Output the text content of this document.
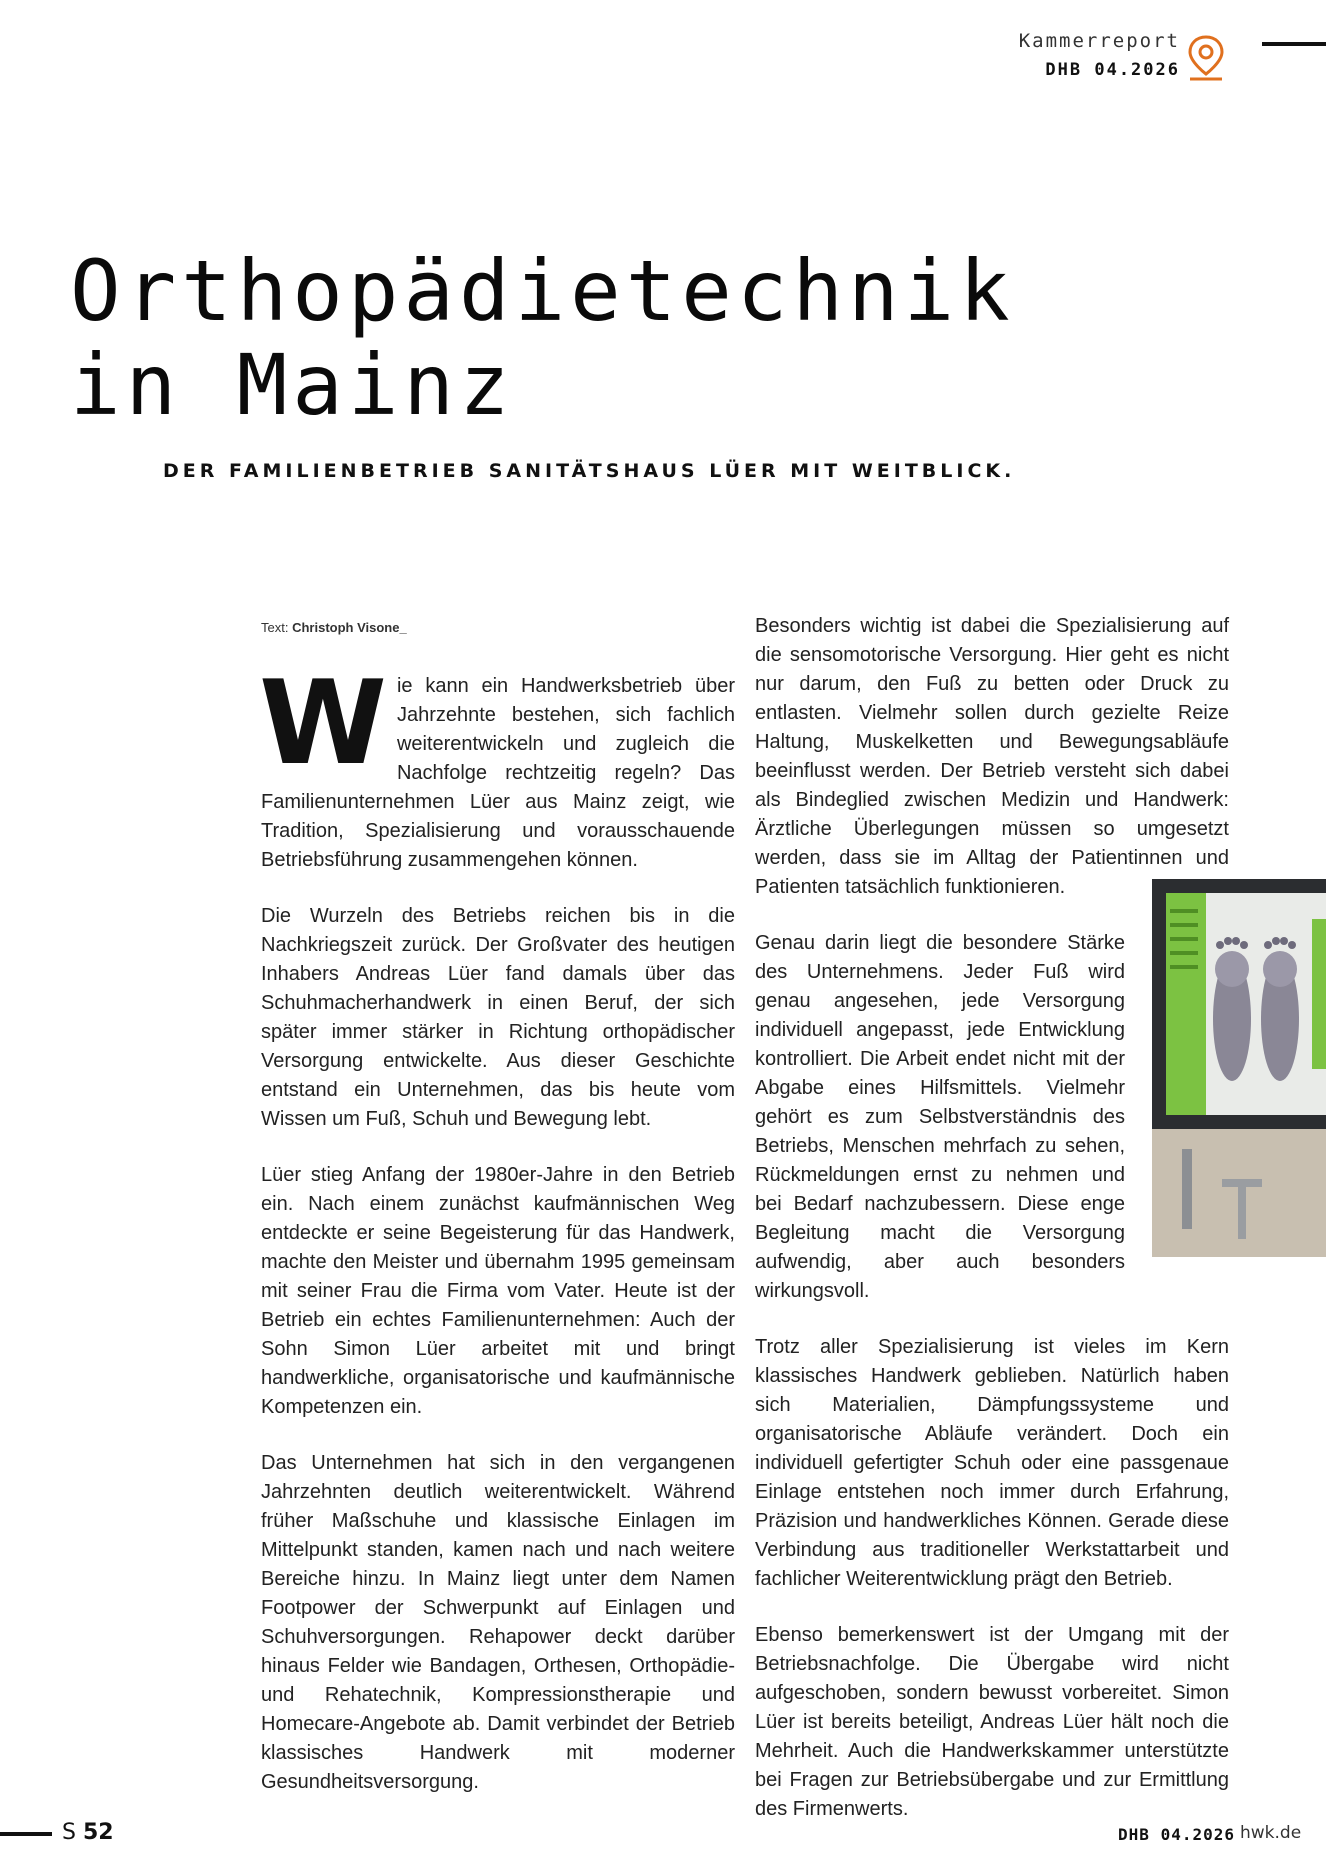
Kammerreport
DHB 04.2026
Orthopädietechnik
in Mainz
DER FAMILIENBETRIEB SANITÄTSHAUS LÜER MIT WEITBLICK.
Text: Christoph Visone_

Wie kann ein Handwerksbetrieb über Jahrzehnte bestehen, sich fachlich weiterentwickeln und zugleich die Nachfolge rechtzeitig regeln? Das Familienunternehmen Lüer aus Mainz zeigt, wie Tradition, Spezialisierung und vorausschauende Betriebsführung zusammengehen können.

Die Wurzeln des Betriebs reichen bis in die Nachkriegszeit zurück. Der Großvater des heutigen Inhabers Andreas Lüer fand damals über das Schuhmacherhandwerk in einen Beruf, der sich später immer stärker in Richtung orthopädischer Versorgung entwickelte. Aus dieser Geschichte entstand ein Unternehmen, das bis heute vom Wissen um Fuß, Schuh und Bewegung lebt.

Lüer stieg Anfang der 1980er-Jahre in den Betrieb ein. Nach einem zunächst kaufmännischen Weg entdeckte er seine Begeisterung für das Handwerk, machte den Meister und übernahm 1995 gemeinsam mit seiner Frau die Firma vom Vater. Heute ist der Betrieb ein echtes Familienunternehmen: Auch der Sohn Simon Lüer arbeitet mit und bringt handwerkliche, organisatorische und kaufmännische Kompetenzen ein.

Das Unternehmen hat sich in den vergangenen Jahrzehnten deutlich weiterentwickelt. Während früher Maßschuhe und klassische Einlagen im Mittelpunkt standen, kamen nach und nach weitere Bereiche hinzu. In Mainz liegt unter dem Namen Footpower der Schwerpunkt auf Einlagen und Schuhversorgungen. Rehapower deckt darüber hinaus Felder wie Bandagen, Orthesen, Orthopädie- und Rehatechnik, Kompressionstherapie und Homecare-Angebote ab. Damit verbindet der Betrieb klassisches Handwerk mit moderner Gesundheitsversorgung.

Besonders wichtig ist dabei die Spezialisierung auf die sensomotorische Versorgung. Hier geht es nicht nur darum, den Fuß zu betten oder Druck zu entlasten. Vielmehr sollen durch gezielte Reize Haltung, Muskelketten und Bewegungsabläufe beeinflusst werden. Der Betrieb versteht sich dabei als Bindeglied zwischen Medizin und Handwerk: Ärztliche Überlegungen müssen so umgesetzt werden, dass sie im Alltag der Patientinnen und Patienten tatsächlich funktionieren.

Genau darin liegt die besondere Stärke des Unternehmens. Jeder Fuß wird genau angesehen, jede Versorgung individuell angepasst, jede Entwicklung kontrolliert. Die Arbeit endet nicht mit der Abgabe eines Hilfsmittels. Vielmehr gehört es zum Selbstverständnis des Betriebs, Menschen mehrfach zu sehen, Rückmeldungen ernst zu nehmen und bei Bedarf nachzubessern. Diese enge Begleitung macht die Versorgung aufwendig, aber auch besonders wirkungsvoll.

Trotz aller Spezialisierung ist vieles im Kern klassisches Handwerk geblieben. Natürlich haben sich Materialien, Dämpfungssysteme und organisatorische Abläufe verändert. Doch ein individuell gefertigter Schuh oder eine passgenaue Einlage entstehen noch immer durch Erfahrung, Präzision und handwerkliches Können. Gerade diese Verbindung aus traditioneller Werkstattarbeit und fachlicher Weiterentwicklung prägt den Betrieb.

Ebenso bemerkenswert ist der Umgang mit der Betriebsnachfolge. Die Übergabe wird nicht aufgeschoben, sondern bewusst vorbereitet. Simon Lüer ist bereits beteiligt, Andreas Lüer hält noch die Mehrheit. Auch die Handwerkskammer unterstützte bei Fragen zur Betriebsübergabe und zur Ermittlung des Firmenwerts.

S 52	DHB 04.2026 hwk.de
